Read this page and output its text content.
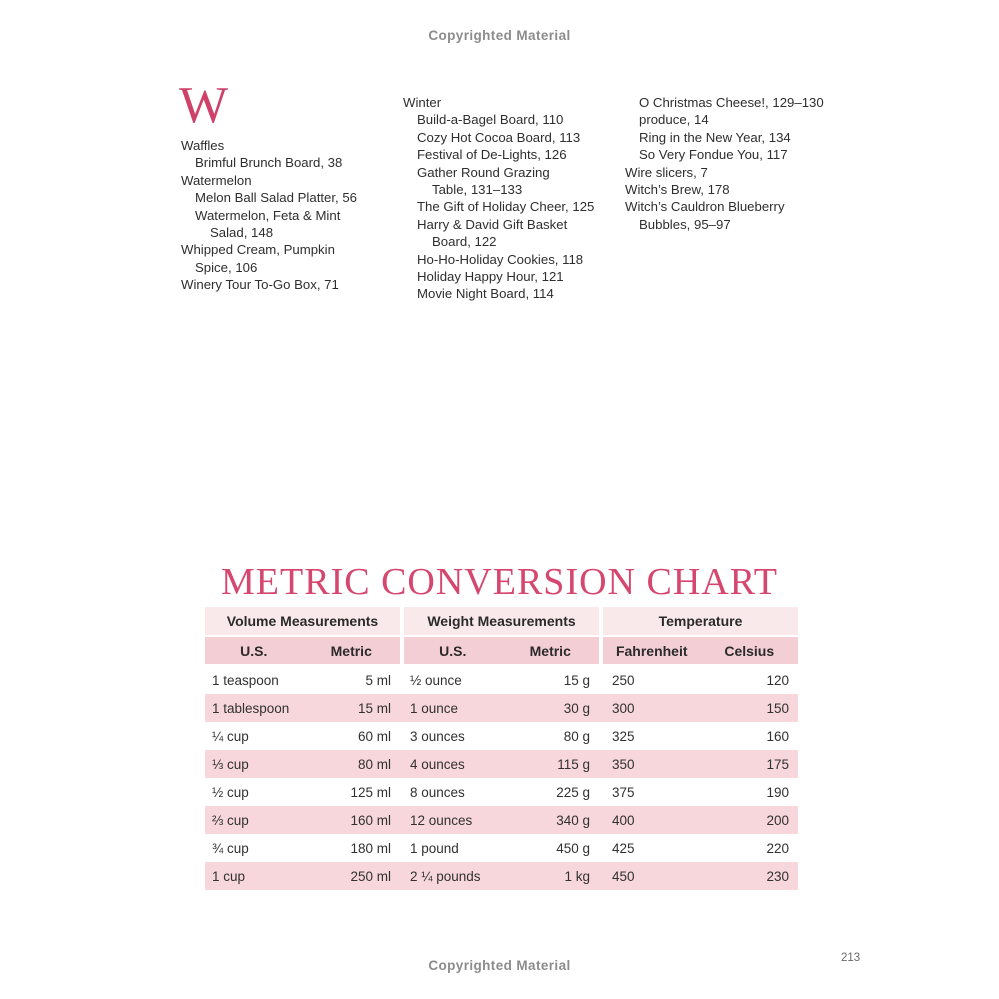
Copyrighted Material
W
Waffles
Brimful Brunch Board, 38
Watermelon
Melon Ball Salad Platter, 56
Watermelon, Feta & Mint
Salad, 148
Whipped Cream, Pumpkin
Spice, 106
Winery Tour To-Go Box, 71
Winter
Build-a-Bagel Board, 110
Cozy Hot Cocoa Board, 113
Festival of De-Lights, 126
Gather Round Grazing
Table, 131–133
The Gift of Holiday Cheer, 125
Harry & David Gift Basket
Board, 122
Ho-Ho-Holiday Cookies, 118
Holiday Happy Hour, 121
Movie Night Board, 114
O Christmas Cheese!, 129–130
produce, 14
Ring in the New Year, 134
So Very Fondue You, 117
Wire slicers, 7
Witch’s Brew, 178
Witch’s Cauldron Blueberry
Bubbles, 95–97
METRIC CONVERSION CHART
Volume Measurements	Weight Measurements	Temperature
U.S.	Metric	U.S.	Metric	Fahrenheit	Celsius
1 teaspoon	5 ml	½ ounce	15 g	250	120
1 tablespoon	15 ml	1 ounce	30 g	300	150
¼ cup	60 ml	3 ounces	80 g	325	160
⅓ cup	80 ml	4 ounces	115 g	350	175
½ cup	125 ml	8 ounces	225 g	375	190
⅔ cup	160 ml	12 ounces	340 g	400	200
¾ cup	180 ml	1 pound	450 g	425	220
1 cup	250 ml	2 ¼ pounds	1 kg	450	230
Copyrighted Material	213
